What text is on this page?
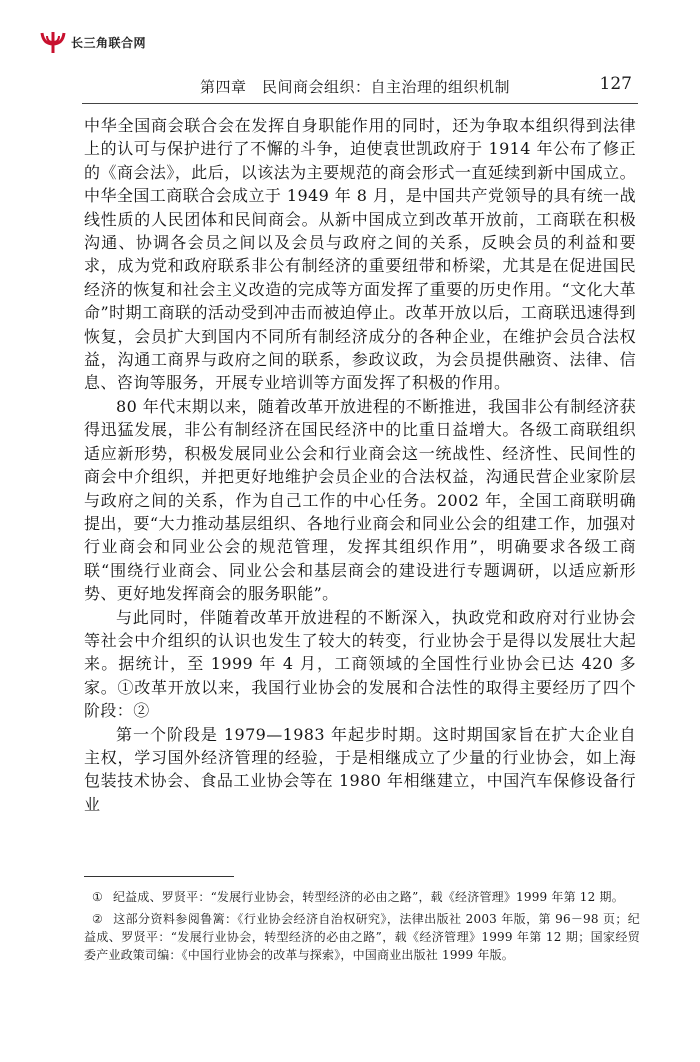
长三角联合网
第四章　民间商会组织：自主治理的组织机制	127

中华全国商会联合会在发挥自身职能作用的同时，还为争取本组织得到法律上的认可与保护进行了不懈的斗争，迫使袁世凯政府于 1914 年公布了修正的《商会法》，此后，以该法为主要规范的商会形式一直延续到新中国成立。中华全国工商联合会成立于 1949 年 8 月，是中国共产党领导的具有统一战线性质的人民团体和民间商会。从新中国成立到改革开放前，工商联在积极沟通、协调各会员之间以及会员与政府之间的关系，反映会员的利益和要求，成为党和政府联系非公有制经济的重要纽带和桥梁，尤其是在促进国民经济的恢复和社会主义改造的完成等方面发挥了重要的历史作用。“文化大革命”时期工商联的活动受到冲击而被迫停止。改革开放以后，工商联迅速得到恢复，会员扩大到国内不同所有制经济成分的各种企业，在维护会员合法权益，沟通工商界与政府之间的联系，参政议政，为会员提供融资、法律、信息、咨询等服务，开展专业培训等方面发挥了积极的作用。

80 年代末期以来，随着改革开放进程的不断推进，我国非公有制经济获得迅猛发展，非公有制经济在国民经济中的比重日益增大。各级工商联组织适应新形势，积极发展同业公会和行业商会这一统战性、经济性、民间性的商会中介组织，并把更好地维护会员企业的合法权益，沟通民营企业家阶层与政府之间的关系，作为自己工作的中心任务。2002 年，全国工商联明确提出，要“大力推动基层组织、各地行业商会和同业公会的组建工作，加强对行业商会和同业公会的规范管理，发挥其组织作用”，明确要求各级工商联“围绕行业商会、同业公会和基层商会的建设进行专题调研，以适应新形势、更好地发挥商会的服务职能”。

与此同时，伴随着改革开放进程的不断深入，执政党和政府对行业协会等社会中介组织的认识也发生了较大的转变，行业协会于是得以发展壮大起来。据统计，至 1999 年 4 月，工商领域的全国性行业协会已达 420 多家。①改革开放以来，我国行业协会的发展和合法性的取得主要经历了四个阶段：②

第一个阶段是 1979—1983 年起步时期。这时期国家旨在扩大企业自主权，学习国外经济管理的经验，于是相继成立了少量的行业协会，如上海包装技术协会、食品工业协会等在 1980 年相继建立，中国汽车保修设备行业

① 纪益成、罗贤平：“发展行业协会，转型经济的必由之路”，载《经济管理》1999 年第 12 期。

② 这部分资料参阅鲁篱：《行业协会经济自治权研究》，法律出版社 2003 年版，第 96－98 页；纪益成、罗贤平：“发展行业协会，转型经济的必由之路”，载《经济管理》1999 年第 12 期；国家经贸委产业政策司编：《中国行业协会的改革与探索》，中国商业出版社 1999 年版。
